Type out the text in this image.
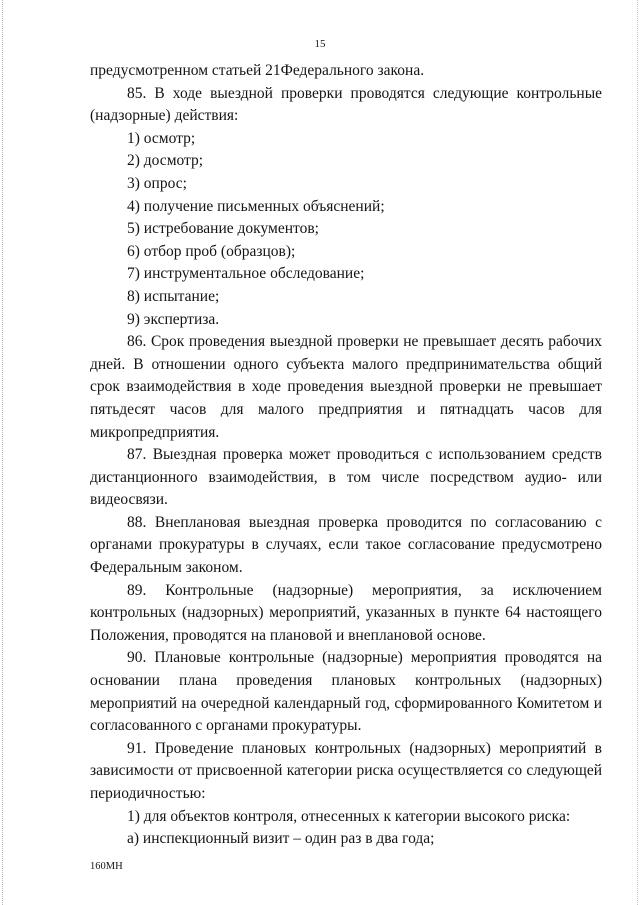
15

предусмотренном статьей 21Федерального закона.

85. В ходе выездной проверки проводятся следующие контрольные (надзорные) действия:

1) осмотр;

2) досмотр;

3) опрос;

4) получение письменных объяснений;

5) истребование документов;

6) отбор проб (образцов);

7) инструментальное обследование;

8) испытание;

9) экспертиза.

86. Срок проведения выездной проверки не превышает десять рабочих дней. В отношении одного субъекта малого предпринимательства общий срок взаимодействия в ходе проведения выездной проверки не превышает пятьдесят часов для малого предприятия и пятнадцать часов для микропредприятия.

87. Выездная проверка может проводиться с использованием средств дистанционного взаимодействия, в том числе посредством аудио- или видеосвязи.

88. Внеплановая выездная проверка проводится по согласованию с органами прокуратуры в случаях, если такое согласование предусмотрено Федеральным законом.

89. Контрольные (надзорные) мероприятия, за исключением контрольных (надзорных) мероприятий, указанных в пункте 64 настоящего Положения, проводятся на плановой и внеплановой основе.

90. Плановые контрольные (надзорные) мероприятия проводятся на основании плана проведения плановых контрольных (надзорных) мероприятий на очередной календарный год, сформированного Комитетом и согласованного с органами прокуратуры.

91. Проведение плановых контрольных (надзорных) мероприятий в зависимости от присвоенной категории риска осуществляется со следующей периодичностью:

1) для объектов контроля, отнесенных к категории высокого риска:

а) инспекционный визит – один раз в два года;

160МН
